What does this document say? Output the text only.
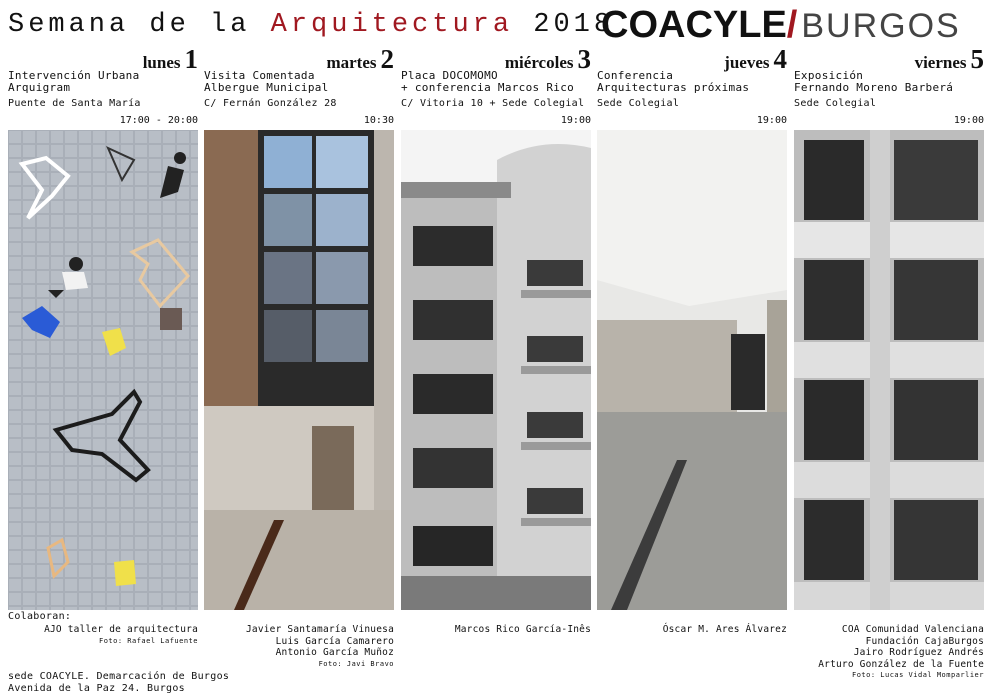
Semana de la Arquitectura 2018
COACYLE/ BURGOS
lunes 1
Intervención Urbana
Arquigram
Puente de Santa María
17:00 - 20:00
AJO taller de arquitectura
Foto: Rafael Lafuente
martes 2
Visita Comentada
Albergue Municipal
C/ Fernán González 28
10:30
Javier Santamaría Vinuesa
Luis García Camarero
Antonio García Muñoz
Foto: Javi Bravo
miércoles 3
Placa DOCOMOMO
+ conferencia Marcos Rico
C/ Vitoria 10 + Sede Colegial
19:00
Marcos Rico García-Inês
jueves 4
Conferencia
Arquitecturas próximas
Sede Colegial
19:00
Óscar M. Ares Álvarez
viernes 5
Exposición
Fernando Moreno Barberá
Sede Colegial
19:00
COA Comunidad Valenciana
Fundación CajaBurgos
Jairo Rodríguez Andrés
Arturo González de la Fuente
Foto: Lucas Vidal Momparlier
Colaboran:
sede COACYLE. Demarcación de Burgos
Avenida de la Paz 24. Burgos
